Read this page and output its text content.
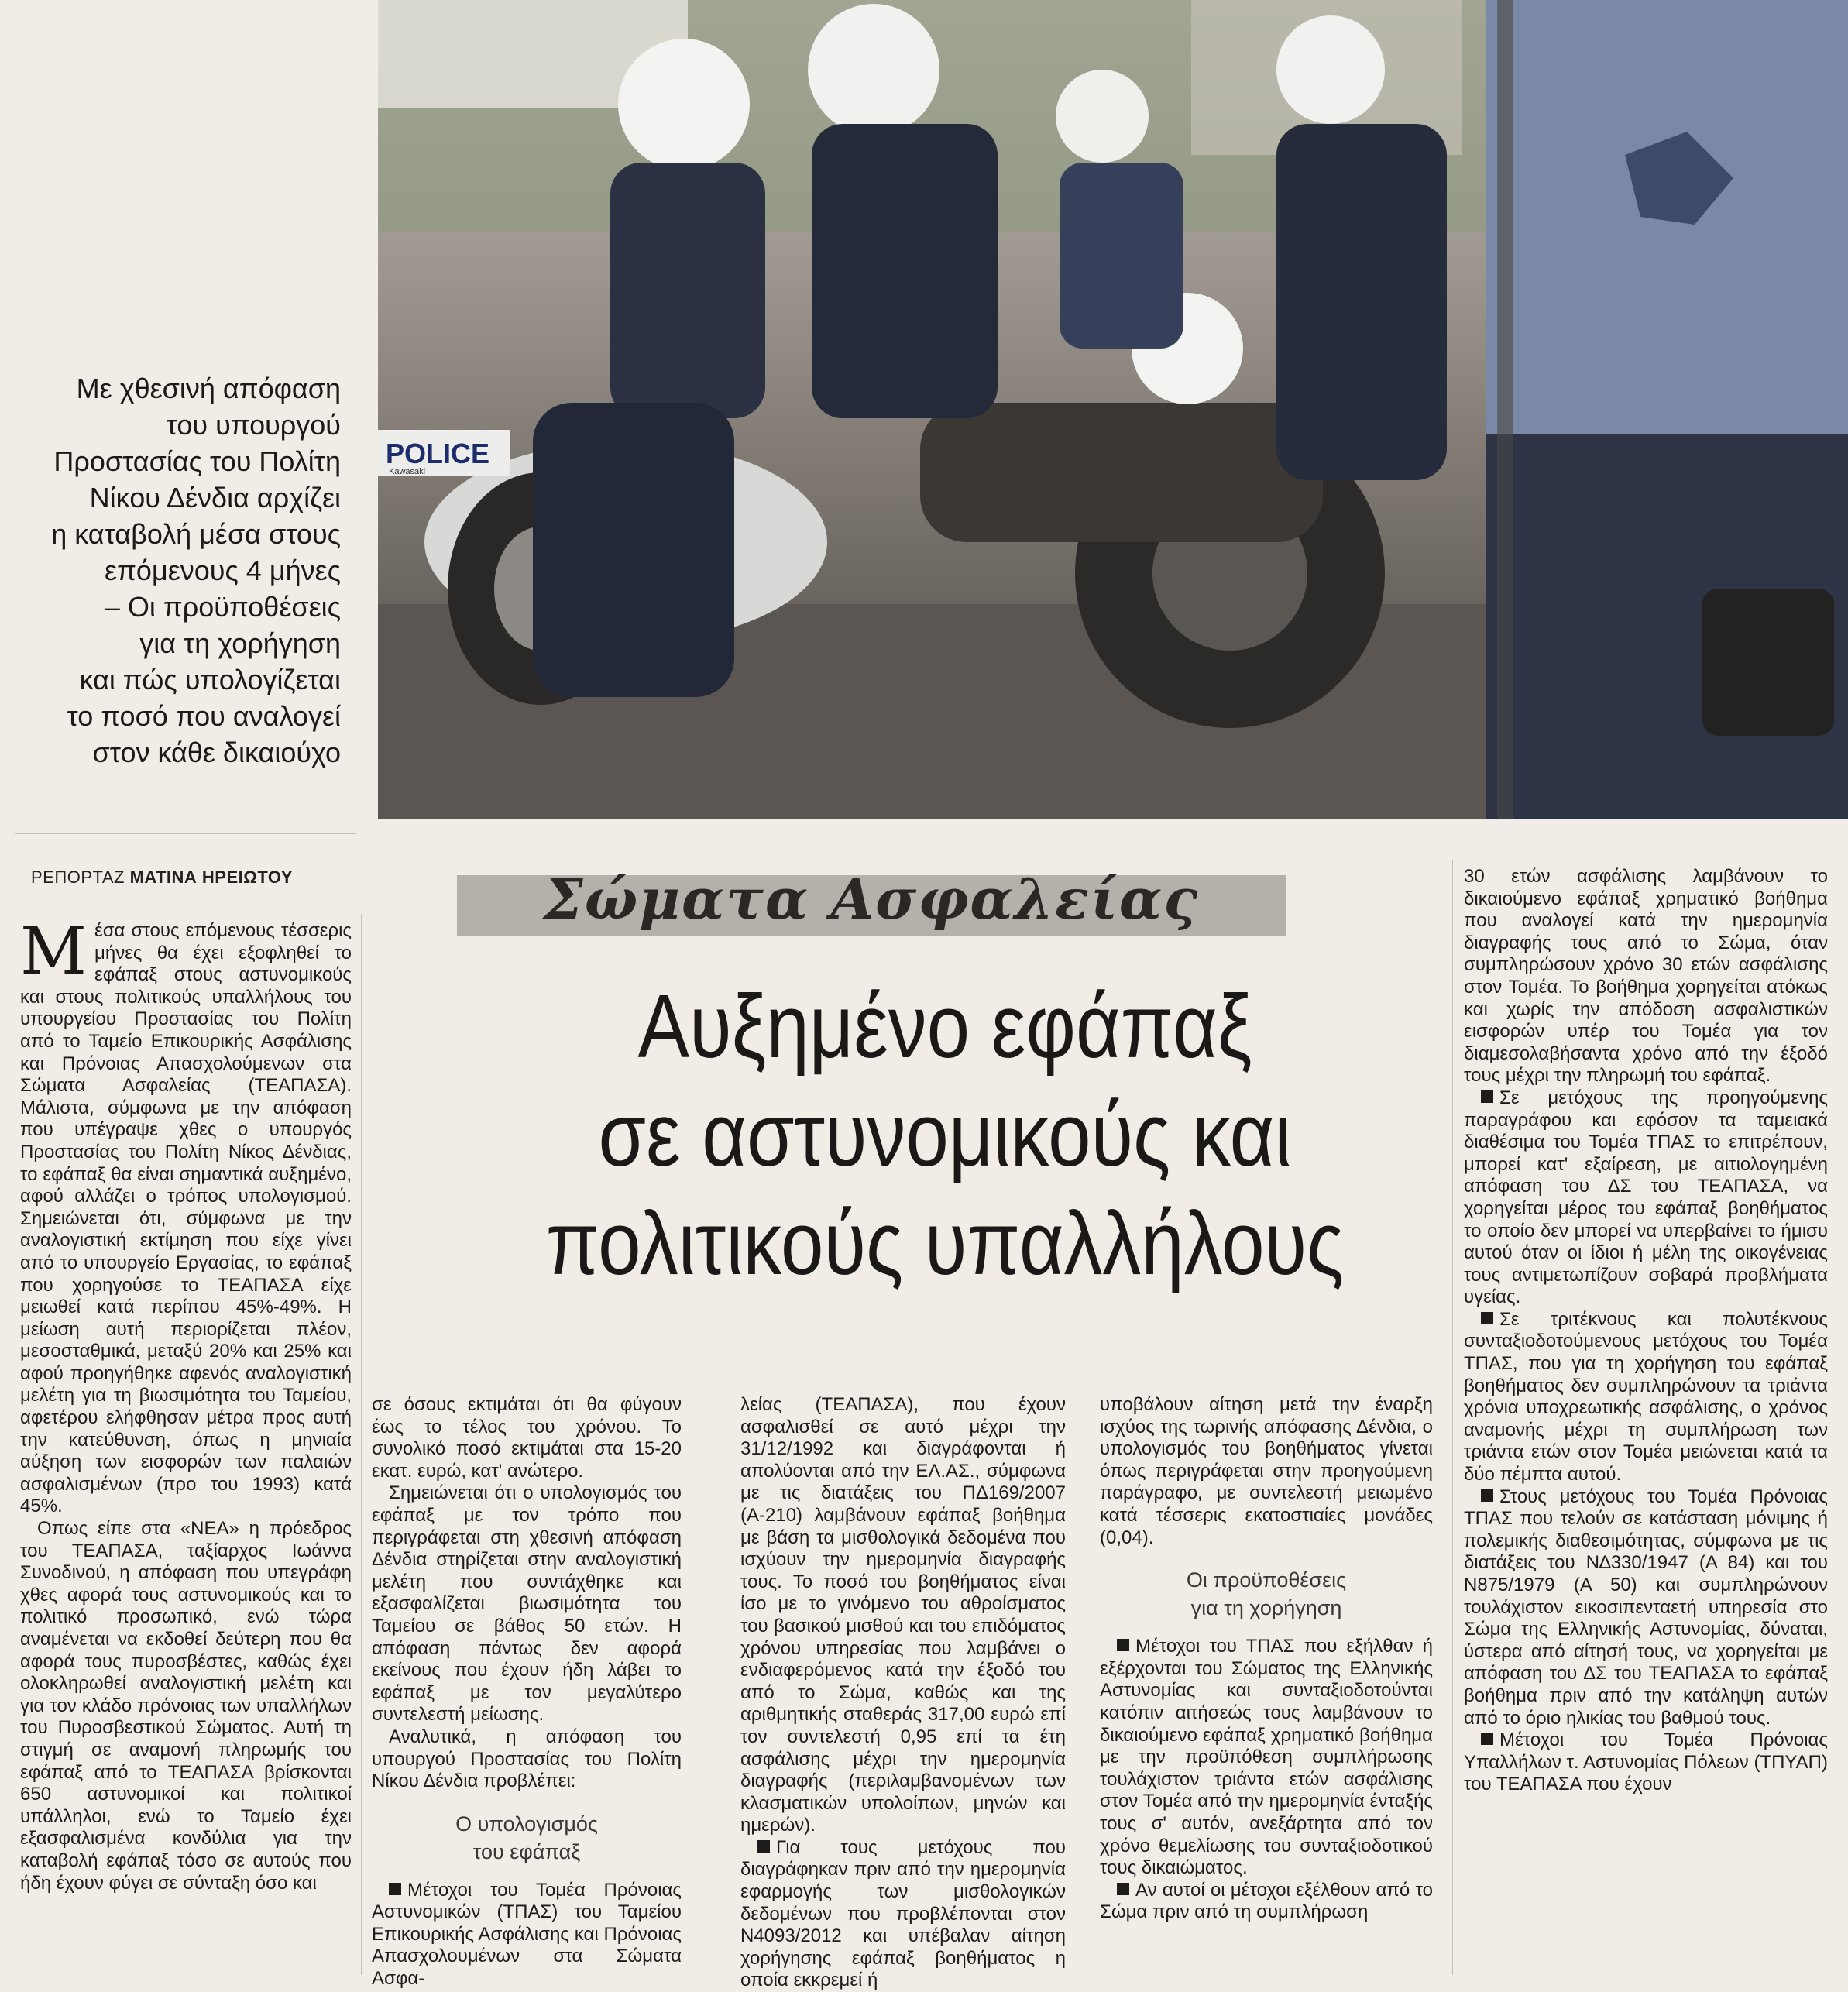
POLICE
Kawasaki
Με χθεσινή απόφαση
του υπουργού
Προστασίας του Πολίτη
Νίκου Δένδια αρχίζει
η καταβολή μέσα στους
επόμενους 4 μήνες
– Οι προϋποθέσεις
για τη χορήγηση
και πώς υπολογίζεται
το ποσό που αναλογεί
στον κάθε δικαιούχο
ΡΕΠΟΡΤΑΖ ΜΑΤΙΝΑ ΗΡΕΙΩΤΟΥ	Σώματα Ασφαλείας
Αυξημένο εφάπαξ
σε αστυνομικούς και
πολιτικούς υπαλλήλους

Μέσα στους επόμενους τέσσερις μήνες θα έχει εξοφληθεί το εφάπαξ στους αστυνομικούς και στους πολιτικούς υπαλλήλους του υπουργείου Προστασίας του Πολίτη από το Ταμείο Επικουρικής Ασφάλισης και Πρόνοιας Απασχολούμενων στα Σώματα Ασφαλείας (ΤΕΑΠΑΣΑ). Μάλιστα, σύμφωνα με την απόφαση που υπέγραψε χθες ο υπουργός Προστασίας του Πολίτη Νίκος Δένδιας, το εφάπαξ θα είναι σημαντικά αυξημένο, αφού αλλάζει ο τρόπος υπολογισμού. Σημειώνεται ότι, σύμφωνα με την αναλογιστική εκτίμηση που είχε γίνει από το υπουργείο Εργασίας, το εφάπαξ που χορηγούσε το ΤΕΑΠΑΣΑ είχε μειωθεί κατά περίπου 45%-49%. Η μείωση αυτή περιορίζεται πλέον, μεσοσταθμικά, μεταξύ 20% και 25% και αφού προηγήθηκε αφενός αναλογιστική μελέτη για τη βιωσιμότητα του Ταμείου, αφετέρου ελήφθησαν μέτρα προς αυτή την κατεύθυνση, όπως η μηνιαία αύξηση των εισφορών των παλαιών ασφαλισμένων (προ του 1993) κατά 45%.

Οπως είπε στα «ΝΕΑ» η πρόεδρος του ΤΕΑΠΑΣΑ, ταξίαρχος Ιωάννα Συνοδινού, η απόφαση που υπεγράφη χθες αφορά τους αστυνομικούς και το πολιτικό προσωπικό, ενώ τώρα αναμένεται να εκδοθεί δεύτερη που θα αφορά τους πυροσβέστες, καθώς έχει ολοκληρωθεί αναλογιστική μελέτη και για τον κλάδο πρόνοιας των υπαλλήλων του Πυροσβεστικού Σώματος. Αυτή τη στιγμή σε αναμονή πληρωμής του εφάπαξ από το ΤΕΑΠΑΣΑ βρίσκονται 650 αστυνομικοί και πολιτικοί υπάλληλοι, ενώ το Ταμείο έχει εξασφαλισμένα κονδύλια για την καταβολή εφάπαξ τόσο σε αυτούς που ήδη έχουν φύγει σε σύνταξη όσο και

σε όσους εκτιμάται ότι θα φύγουν έως το τέλος του χρόνου. Το συνολικό ποσό εκτιμάται στα 15-20 εκατ. ευρώ, κατ' ανώτερο.

Σημειώνεται ότι ο υπολογισμός του εφάπαξ με τον τρόπο που περιγράφεται στη χθεσινή απόφαση Δένδια στηρίζεται στην αναλογιστική μελέτη που συντάχθηκε και εξασφαλίζεται βιωσιμότητα του Ταμείου σε βάθος 50 ετών. Η απόφαση πάντως δεν αφορά εκείνους που έχουν ήδη λάβει το εφάπαξ με τον μεγαλύτερο συντελεστή μείωσης.

Αναλυτικά, η απόφαση του υπουργού Προστασίας του Πολίτη Νίκου Δένδια προβλέπει:

Ο υπολογισμός
του εφάπαξ

Μέτοχοι του Τομέα Πρόνοιας Αστυνομικών (ΤΠΑΣ) του Ταμείου Επικουρικής Ασφάλισης και Πρόνοιας Απασχολουμένων στα Σώματα Ασφα-

λείας (ΤΕΑΠΑΣΑ), που έχουν ασφαλισθεί σε αυτό μέχρι την 31/12/1992 και διαγράφονται ή απολύονται από την ΕΛ.ΑΣ., σύμφωνα με τις διατάξεις του ΠΔ169/2007 (Α-210) λαμβάνουν εφάπαξ βοήθημα με βάση τα μισθολογικά δεδομένα που ισχύουν την ημερομηνία διαγραφής τους. Το ποσό του βοηθήματος είναι ίσο με το γινόμενο του αθροίσματος του βασικού μισθού και του επιδόματος χρόνου υπηρεσίας που λαμβάνει ο ενδιαφερόμενος κατά την έξοδό του από το Σώμα, καθώς και της αριθμητικής σταθεράς 317,00 ευρώ επί τον συντελεστή 0,95 επί τα έτη ασφάλισης μέχρι την ημερομηνία διαγραφής (περιλαμβανομένων των κλασματικών υπολοίπων, μηνών και ημερών).

Για τους μετόχους που διαγράφηκαν πριν από την ημερομηνία εφαρμογής των μισθολογικών δεδομένων που προβλέπονται στον Ν4093/2012 και υπέβαλαν αίτηση χορήγησης εφάπαξ βοηθήματος η οποία εκκρεμεί ή

υποβάλουν αίτηση μετά την έναρξη ισχύος της τωρινής απόφασης Δένδια, ο υπολογισμός του βοηθήματος γίνεται όπως περιγράφεται στην προηγούμενη παράγραφο, με συντελεστή μειωμένο κατά τέσσερις εκατοστιαίες μονάδες (0,04).

Οι προϋποθέσεις
για τη χορήγηση

Μέτοχοι του ΤΠΑΣ που εξήλθαν ή εξέρχονται του Σώματος της Ελληνικής Αστυνομίας και συνταξιοδοτούνται κατόπιν αιτήσεώς τους λαμβάνουν το δικαιούμενο εφάπαξ χρηματικό βοήθημα με την προϋπόθεση συμπλήρωσης τουλάχιστον τριάντα ετών ασφάλισης στον Τομέα από την ημερομηνία ένταξής τους σ' αυτόν, ανεξάρτητα από τον χρόνο θεμελίωσης του συνταξιοδοτικού τους δικαιώματος.

Αν αυτοί οι μέτοχοι εξέλθουν από το Σώμα πριν από τη συμπλήρωση

30 ετών ασφάλισης λαμβάνουν το δικαιούμενο εφάπαξ χρηματικό βοήθημα που αναλογεί κατά την ημερομηνία διαγραφής τους από το Σώμα, όταν συμπληρώσουν χρόνο 30 ετών ασφάλισης στον Τομέα. Το βοήθημα χορηγείται ατόκως και χωρίς την απόδοση ασφαλιστικών εισφορών υπέρ του Τομέα για τον διαμεσολαβήσαντα χρόνο από την έξοδό τους μέχρι την πληρωμή του εφάπαξ.

Σε μετόχους της προηγούμενης παραγράφου και εφόσον τα ταμειακά διαθέσιμα του Τομέα ΤΠΑΣ το επιτρέπουν, μπορεί κατ' εξαίρεση, με αιτιολογημένη απόφαση του ΔΣ του ΤΕΑΠΑΣΑ, να χορηγείται μέρος του εφάπαξ βοηθήματος το οποίο δεν μπορεί να υπερβαίνει το ήμισυ αυτού όταν οι ίδιοι ή μέλη της οικογένειας τους αντιμετωπίζουν σοβαρά προβλήματα υγείας.

Σε τριτέκνους και πολυτέκνους συνταξιοδοτούμενους μετόχους του Τομέα ΤΠΑΣ, που για τη χορήγηση του εφάπαξ βοηθήματος δεν συμπληρώνουν τα τριάντα χρόνια υποχρεωτικής ασφάλισης, ο χρόνος αναμονής μέχρι τη συμπλήρωση των τριάντα ετών στον Τομέα μειώνεται κατά τα δύο πέμπτα αυτού.

Στους μετόχους του Τομέα Πρόνοιας ΤΠΑΣ που τελούν σε κατάσταση μόνιμης ή πολεμικής διαθεσιμότητας, σύμφωνα με τις διατάξεις του Ν∆330/1947 (Α 84) και του Ν875/1979 (Α 50) και συμπληρώνουν τουλάχιστον εικοσιπενταετή υπηρεσία στο Σώμα της Ελληνικής Αστυνομίας, δύναται, ύστερα από αίτησή τους, να χορηγείται με απόφαση του ΔΣ του ΤΕΑΠΑΣΑ το εφάπαξ βοήθημα πριν από την κατάληψη αυτών από το όριο ηλικίας του βαθμού τους.

Μέτοχοι του Τομέα Πρόνοιας Υπαλλήλων τ. Αστυνομίας Πόλεων (ΤΠΥΑΠ) του ΤΕΑΠΑΣΑ που έχουν
